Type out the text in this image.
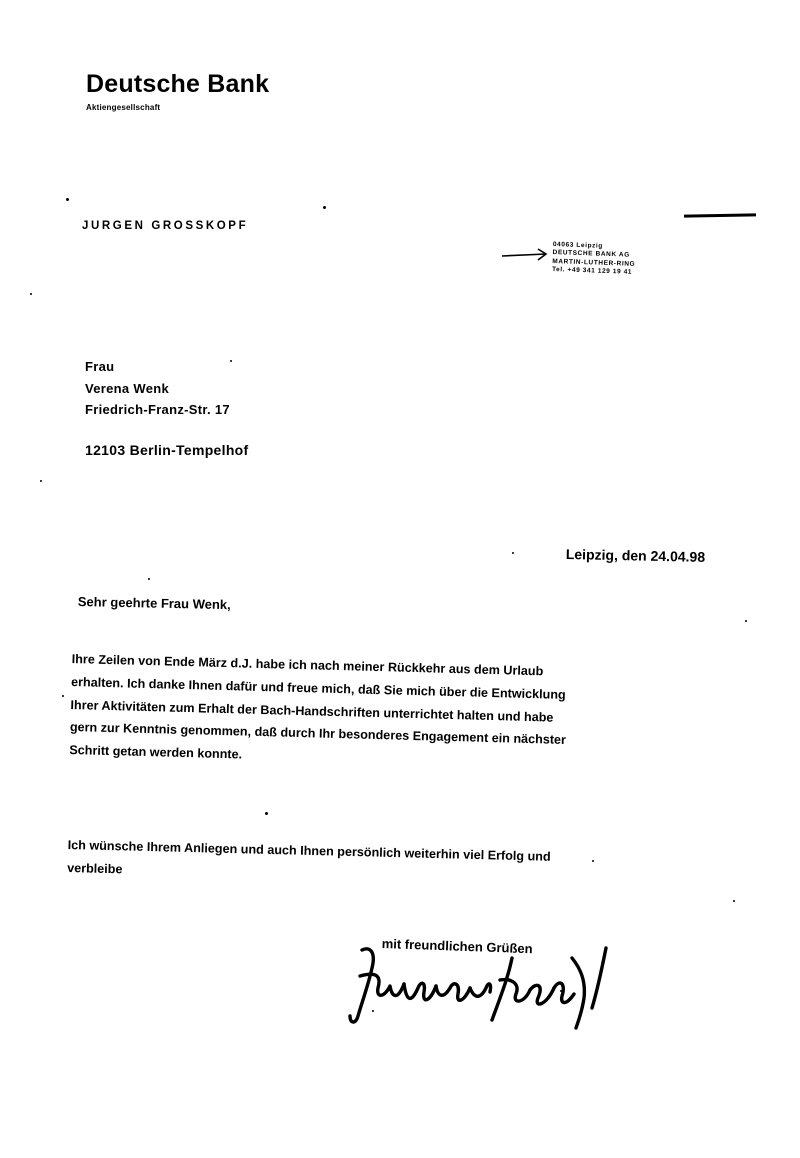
Deutsche Bank
Aktiengesellschaft
JURGEN GROSSKOPF
04063 Leipzig
DEUTSCHE BANK AG
MARTIN-LUTHER-RING
Tel. +49 341 129 19 41
Frau
Verena Wenk
Friedrich-Franz-Str. 17
12103 Berlin-Tempelhof
Leipzig, den 24.04.98
Sehr geehrte Frau Wenk,
Ihre Zeilen von Ende März d.J. habe ich nach meiner Rückkehr aus dem Urlaub
erhalten. Ich danke Ihnen dafür und freue mich, daß Sie mich über die Entwicklung
Ihrer Aktivitäten zum Erhalt der Bach-Handschriften unterrichtet halten und habe
gern zur Kenntnis genommen, daß durch Ihr besonderes Engagement ein nächster
Schritt getan werden konnte.
Ich wünsche Ihrem Anliegen und auch Ihnen persönlich weiterhin viel Erfolg und
verbleibe
mit freundlichen Grüßen
